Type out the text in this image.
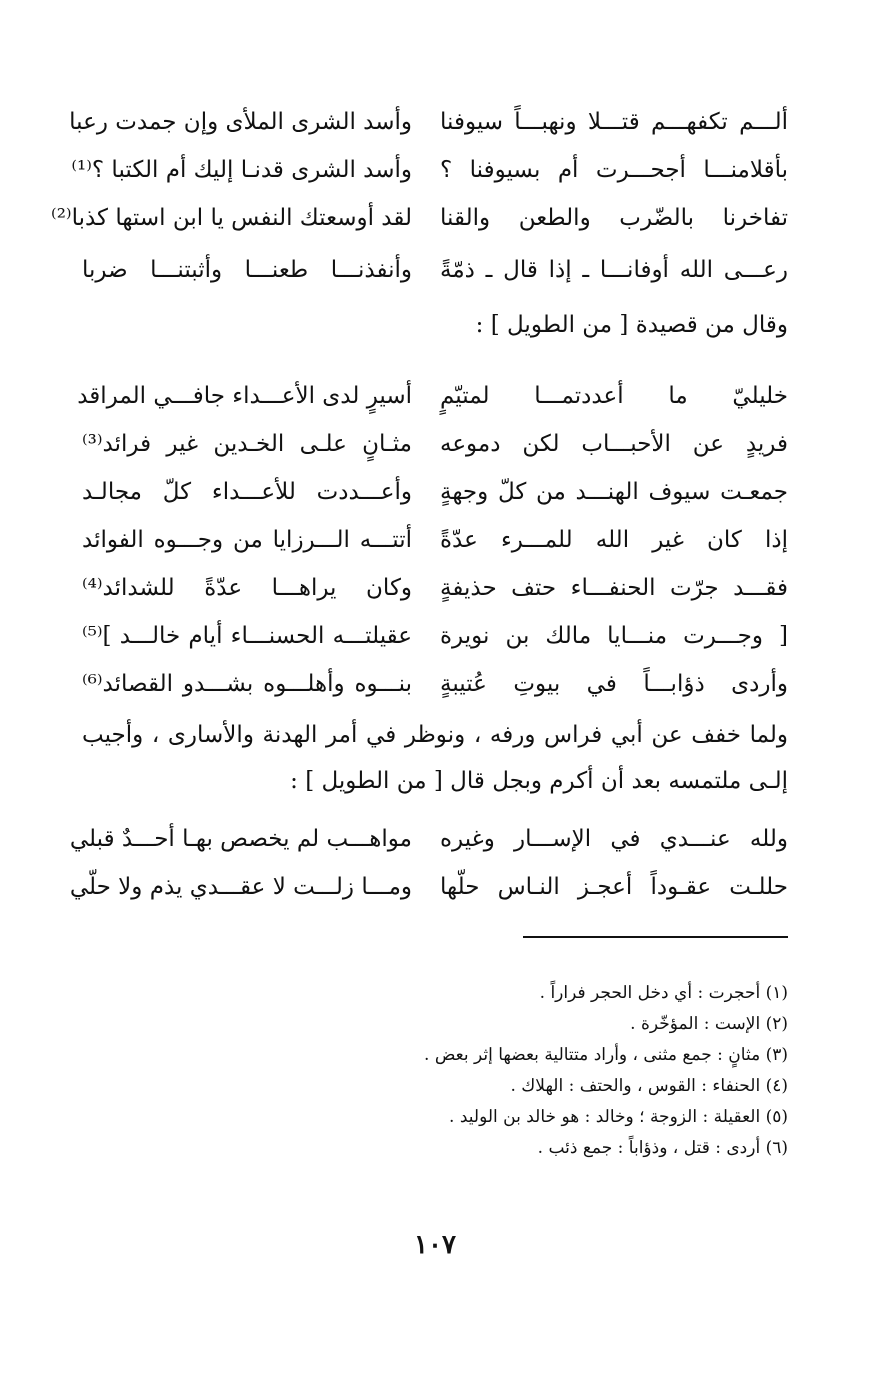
ألـــم تكفهـــم قتـــلا ونهبـــاً سيوفنا
وأسد الشرى الملأى وإن جمدت رعبا
بأقلامنـــا أجحـــرت أم بسيوفنا ؟
وأسد الشرى قدنـا إليك أم الكتبا ؟⁽¹⁾
تفاخرنا بالضّرب والطعن والقنا
لقد أوسعتك النفس يا ابن استها كذبا⁽²⁾
رعـــى الله أوفانـــا ـ إذا قال ـ ذمّةً
وأنفذنـــا طعنـــا وأثبتنـــا ضربا
وقال من قصيدة [ من الطويل ] :
خليليّ ما أعددتمـــا لمتيّمٍ
أسيرٍ لدى الأعـــداء جافـــي المراقد
فريدٍ عن الأحبـــاب لكن دموعه
مثـانٍ علـى الخـدين غير فرائد⁽³⁾
جمعـت سيوف الهنـــد من كلّ وجهةٍ
وأعـــددت للأعـــداء كلّ مجالـد
إذا كان غير الله للمـــرء عدّةً
أتتـــه الـــرزايا من وجـــوه الفوائد
فقـــد جرّت الحنفـــاء حتف حذيفةٍ
وكان يراهـــا عدّةً للشدائد⁽⁴⁾
[ وجـــرت منـــايا مالك بن نويرة
عقيلتـــه الحسنـــاء أيام خالـــد ]⁽⁵⁾
وأردى ذؤابـــاً في بيوتِ عُتيبةٍ
بنـــوه وأهلـــوه بشـــدو القصائد⁽⁶⁾
ولما خفف عن أبي فراس ورفه ، ونوظر في أمر الهدنة والأسارى ، وأجيب إلـى ملتمسه بعد أن أكرم وبجل قال [ من الطويل ] :
ولله عنـــدي في الإســـار وغيره
مواهـــب لم يخصص بهـا أحـــدٌ قبلي
حللـت عقـوداً أعجـز النـاس حلّها
ومـــا زلـــت لا عقـــدي يذم ولا حلّي
(١) أحجرت : أي دخل الحجر فراراً .
(٢) الإست : المؤخّرة .
(٣) مثانٍ : جمع مثنى ، وأراد متتالية بعضها إثر بعض .
(٤) الحنفاء : القوس ، والحتف : الهلاك .
(٥) العقيلة : الزوجة ؛ وخالد : هو خالد بن الوليد .
(٦) أردى : قتل ، وذؤاباً : جمع ذئب .
١٠٧
